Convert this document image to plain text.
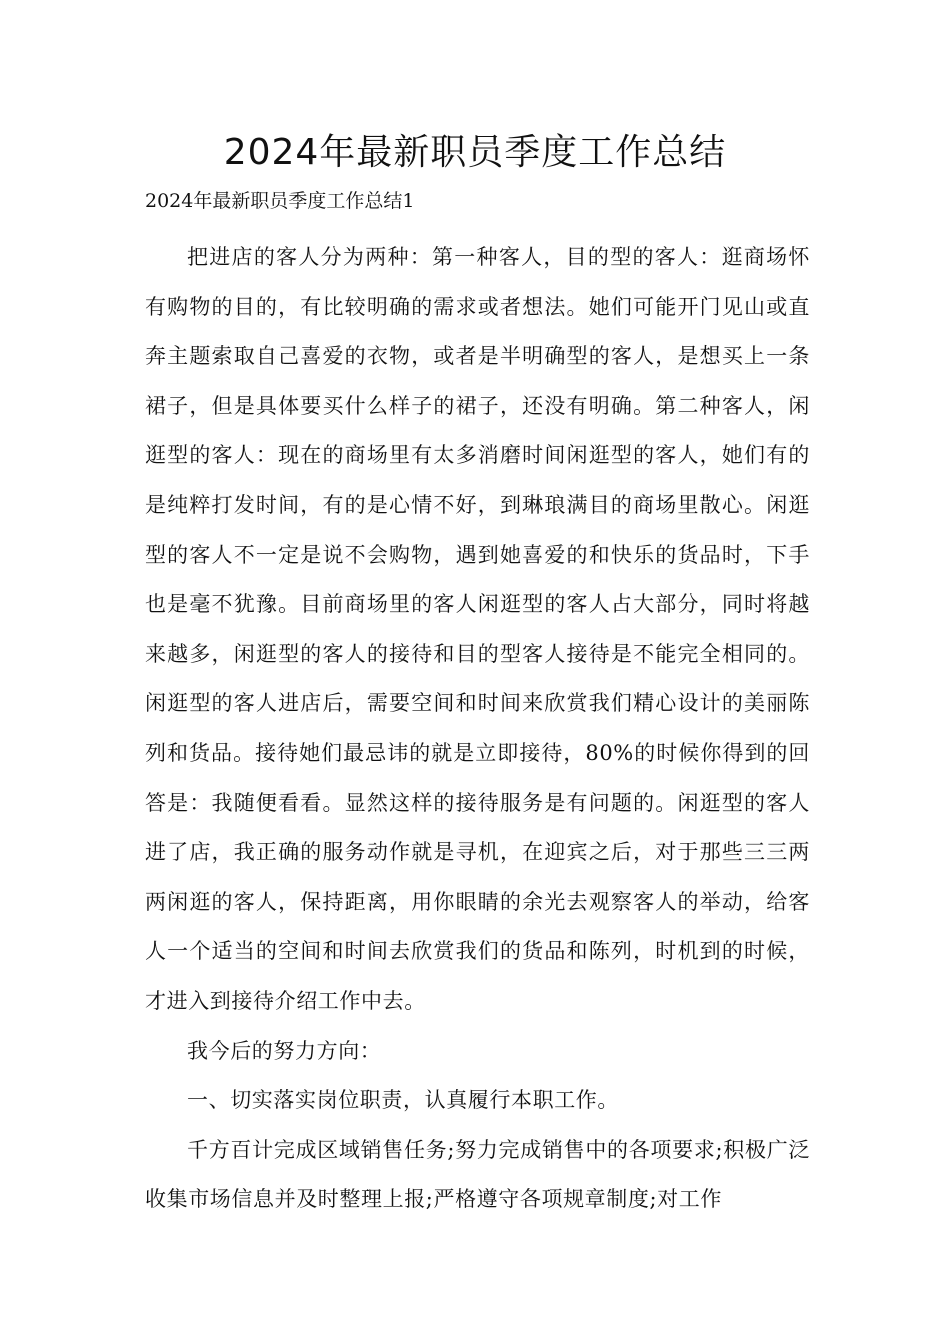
2024年最新职员季度工作总结

2024年最新职员季度工作总结1

把进店的客人分为两种：第一种客人，目的型的客人：逛商场怀有购物的目的，有比较明确的需求或者想法。她们可能开门见山或直奔主题索取自己喜爱的衣物，或者是半明确型的客人，是想买上一条裙子，但是具体要买什么样子的裙子，还没有明确。第二种客人，闲逛型的客人：现在的商场里有太多消磨时间闲逛型的客人，她们有的是纯粹打发时间，有的是心情不好，到琳琅满目的商场里散心。闲逛型的客人不一定是说不会购物，遇到她喜爱的和快乐的货品时，下手也是毫不犹豫。目前商场里的客人闲逛型的客人占大部分，同时将越来越多，闲逛型的客人的接待和目的型客人接待是不能完全相同的。闲逛型的客人进店后，需要空间和时间来欣赏我们精心设计的美丽陈列和货品。接待她们最忌讳的就是立即接待，80%的时候你得到的回答是：我随便看看。显然这样的接待服务是有问题的。闲逛型的客人进了店，我正确的服务动作就是寻机，在迎宾之后，对于那些三三两两闲逛的客人，保持距离，用你眼睛的余光去观察客人的举动，给客人一个适当的空间和时间去欣赏我们的货品和陈列，时机到的时候，才进入到接待介绍工作中去。

我今后的努力方向：

一、切实落实岗位职责，认真履行本职工作。

千方百计完成区域销售任务;努力完成销售中的各项要求;积极广泛收集市场信息并及时整理上报;严格遵守各项规章制度;对工作
